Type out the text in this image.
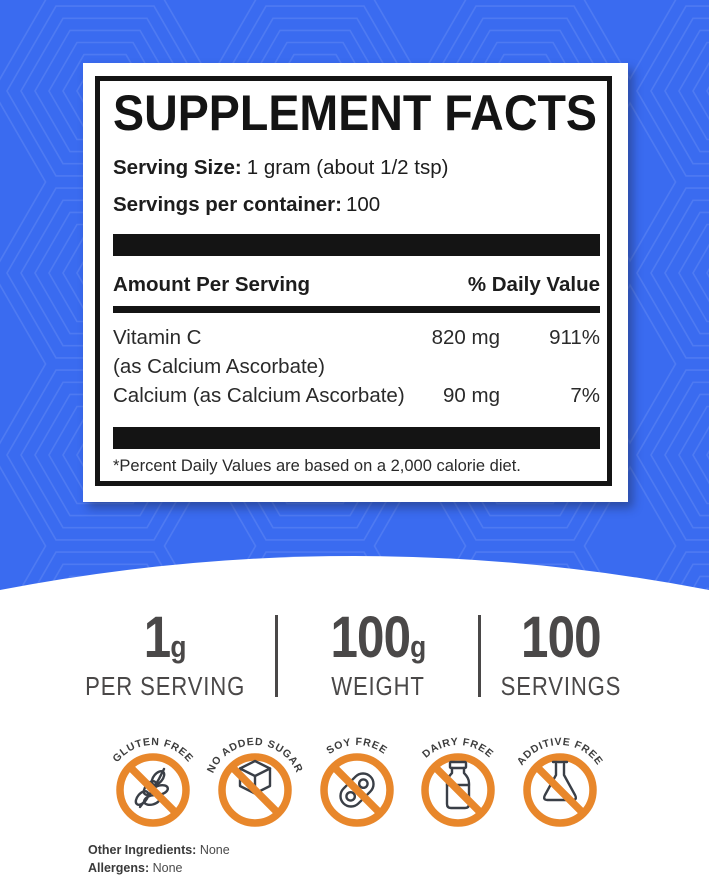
SUPPLEMENT FACTS
Serving Size: 1 gram (about 1/2 tsp)
Servings per container: 100
Amount Per Serving	% Daily Value
Vitamin C	820 mg 911%
(as Calcium Ascorbate)
Calcium (as Calcium Ascorbate) 90 mg	7%
*Percent Daily Values are based on a 2,000 calorie diet.
1g
PER SERVING
100g
WEIGHT
100
SERVINGS
GLUTEN FREE
NO ADDED SUGAR
SOY FREE	DAIRY FREE
ADDITIVE FREE
Other Ingredients: None
Allergens: None
